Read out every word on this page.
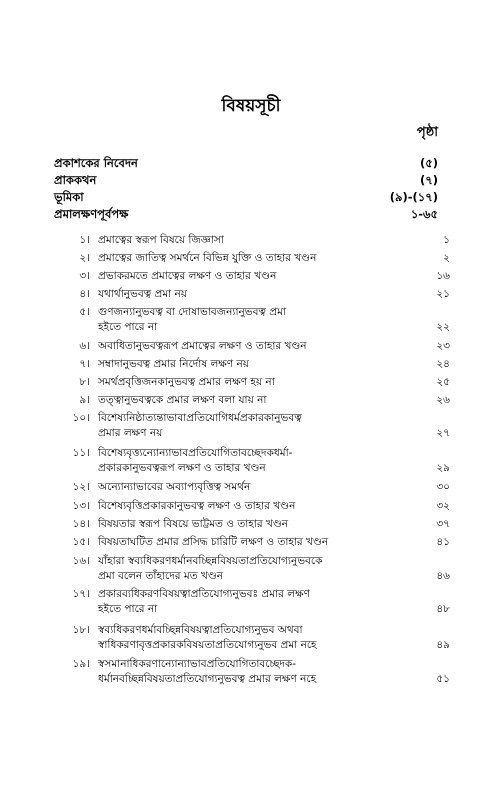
বিষয়সূচী
পৃষ্ঠা
প্রকাশকের নিবেদন	(৫)
প্রাককথন	(৭)
ভূমিকা	(৯)-(১৭)
প্রমালক্ষণপূর্বপক্ষ	১-৬৫
১। প্রমাত্বের স্বরূপ বিষয়ে জিজ্ঞাসা	১
২। প্রমাত্বের জাতিত্ব সমর্থনে বিভিন্ন যুক্তি ও তাহার খণ্ডন	২
৩। প্রভাকরমতে প্রমাত্বের লক্ষণ ও তাহার খণ্ডন	১৬
৪। যথার্থানুভবত্ব প্রমা নয়	২১
৫। গুণজন্যানুভবত্ব বা দোষাভাবজন্যানুভবত্ব প্রমা
হইতে পারে না	২২
৬। অবাধিতানুভবত্বরূপ প্রমাত্বের লক্ষণ ও তাহার খণ্ডন	২৩
৭। সম্বাদানুভবত্ব প্রমার নির্দোষ লক্ষণ নয়	২৪
৮। সমর্থপ্রবৃত্তিজনকানুভবত্ব প্রমার লক্ষণ হয় না	২৫
৯। তত্ত্বানুভবত্বকে প্রমার লক্ষণ বলা যায় না	২৬
১০। বিশেষ্যনিষ্ঠাত্যন্তাভাবাপ্রতিযোগিধর্মপ্রকারকানুভবত্ব
প্রমার লক্ষণ নয়	২৭
১১। বিশেষ্যবৃত্ত্যন্যোন্যাভাবপ্রতিযোগিতাবচ্ছেদকধর্মা-
প্রকারকানুভবত্বরূপ লক্ষণ ও তাহার খণ্ডন	২৯
১২। অন্যোন্যাভাবের অব্যাপ্যবৃত্তিত্ব সমর্থন	৩০
১৩। বিশেষ্যবৃত্তিপ্রকারকানুভবত্ব লক্ষণ ও তাহার খণ্ডন	৩২
১৪। বিষয়তার স্বরূপ বিষয়ে ভাট্টমত ও তাহার খণ্ডন	৩৭
১৫। বিষয়তাঘটিত প্রমার প্রসিদ্ধ চারিটি লক্ষণ ও তাহার খণ্ডন	৪১
১৬। যাঁহারা স্বব্যধিকরণধর্মানবচ্ছিন্নবিষয়তাপ্রতিযোগ্যনুভবকে
প্রমা বলেন তাঁহাদের মত খণ্ডন	৪৬
১৭। প্রকারব্যধিকরণবিষয়ত্বাপ্রতিযোগ্যনুভবঃ প্রমার লক্ষণ
হইতে পারে না	৪৮
১৮। স্বব্যধিকরণধর্মাবচ্ছিন্নবিষয়ত্বাপ্রতিযোগ্যনুভব অথবা
স্বাধিকরণাবৃত্তপ্রকারকবিষয়তাপ্রতিযোগ্যনুভব প্রমা নহে	৪৯
১৯। স্বসমানাধিকরণান্যোন্যাভাবপ্রতিযোগিতাবচ্ছেদক-
ধর্মানবচ্ছিন্নবিষয়তাপ্রতিযোগ্যনুভবত্ব প্রমার লক্ষণ নহে	৫১
